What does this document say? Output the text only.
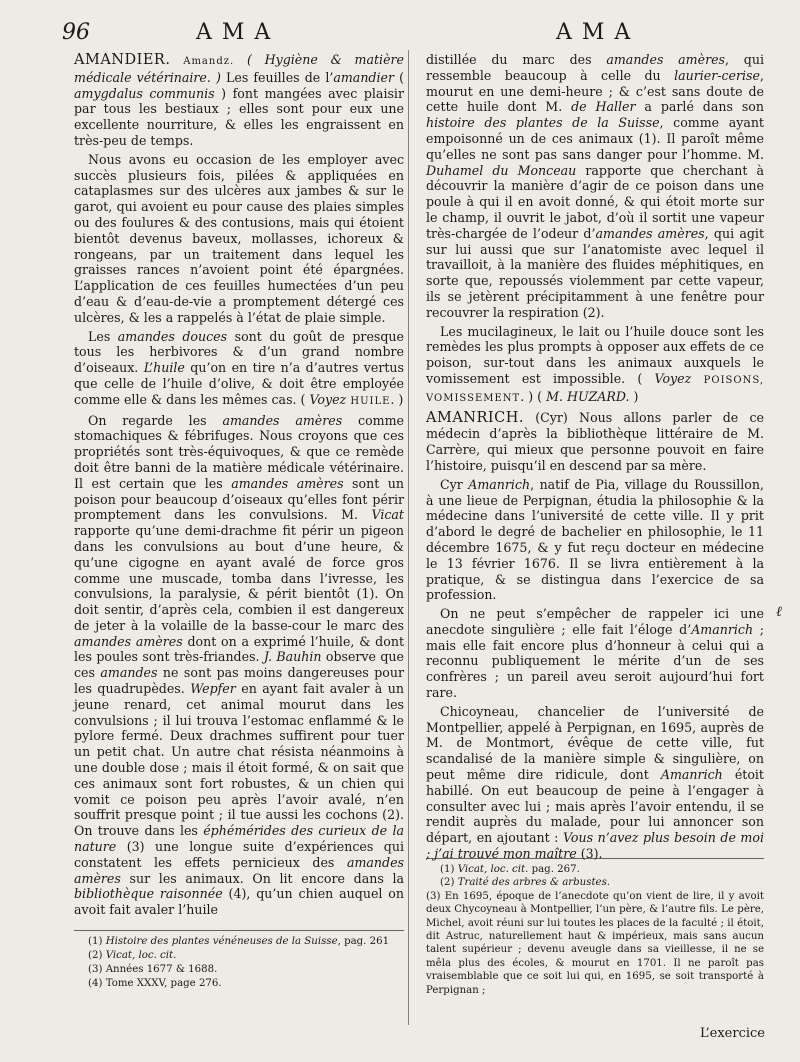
96	AMA	AMA

AMANDIER. Amandz. ( Hygiène & matière médicale vétérinaire. ) Les feuilles de l’amandier ( amygdalus communis ) font mangées avec plaisir par tous les bestiaux ; elles sont pour eux une excellente nourriture, & elles les engraissent en très-peu de temps.

Nous avons eu occasion de les employer avec succès plusieurs fois, pilées & appliquées en cataplasmes sur des ulcères aux jambes & sur le garot, qui avoient eu pour cause des plaies simples ou des foulures & des contusions, mais qui étoient bientôt devenus baveux, mollasses, ichoreux & rongeans, par un traitement dans lequel les graisses rances n’avoient point été épargnées. L’application de ces feuilles humectées d’un peu d’eau & d’eau-de-vie a promptement détergé ces ulcères, & les a rappelés à l’état de plaie simple.

Les amandes douces sont du goût de presque tous les herbivores & d’un grand nombre d’oiseaux. L’huile qu’on en tire n’a d’autres vertus que celle de l’huile d’olive, & doit être employée comme elle & dans les mêmes cas. ( Voyez HUILE. )

On regarde les amandes amères comme stomachiques & fébrifuges. Nous croyons que ces propriétés sont très-équivoques, & que ce remède doit être banni de la matière médicale vétérinaire. Il est certain que les amandes amères sont un poison pour beaucoup d’oiseaux qu’elles font périr promptement dans les convulsions. M. Vicat rapporte qu’une demi-drachme fit périr un pigeon dans les convulsions au bout d’une heure, & qu’une cigogne en ayant avalé de force gros comme une muscade, tomba dans l’ivresse, les convulsions, la paralysie, & périt bientôt (1). On doit sentir, d’après cela, combien il est dangereux de jeter à la volaille de la basse-cour le marc des amandes amères dont on a exprimé l’huile, & dont les poules sont très-friandes. J. Bauhin observe que ces amandes ne sont pas moins dangereuses pour les quadrupèdes. Wepfer en ayant fait avaler à un jeune renard, cet animal mourut dans les convulsions ; il lui trouva l’estomac enflammé & le pylore fermé. Deux drachmes suffirent pour tuer un petit chat. Un autre chat résista néanmoins à une double dose ; mais il étoit formé, & on sait que ces animaux sont fort robustes, & un chien qui vomit ce poison peu après l’avoir avalé, n’en souffrit presque point ; il tue aussi les cochons (2). On trouve dans les éphémérides des curieux de la nature (3) une longue suite d’expériences qui constatent les effets pernicieux des amandes amères sur les animaux. On lit encore dans la bibliothèque raisonnée (4), qu’un chien auquel on avoit fait avaler l’huile

(1) Histoire des plantes vénéneuses de la Suisse, pag. 261

(2) Vicat, loc. cit.

(3) Années 1677 & 1688.

(4) Tome XXXV, page 276.

distillée du marc des amandes amères, qui ressemble beaucoup à celle du laurier-cerise, mourut en une demi-heure ; & c’est sans doute de cette huile dont M. de Haller a parlé dans son histoire des plantes de la Suisse, comme ayant empoisonné un de ces animaux (1). Il paroît même qu’elles ne sont pas sans danger pour l’homme. M. Duhamel du Monceau rapporte que cherchant à découvrir la manière d’agir de ce poison dans une poule à qui il en avoit donné, & qui étoit morte sur le champ, il ouvrit le jabot, d’où il sortit une vapeur très-chargée de l’odeur d’amandes amères, qui agit sur lui aussi que sur l’anatomiste avec lequel il travailloit, à la manière des fluides méphitiques, en sorte que, repoussés violemment par cette vapeur, ils se jetèrent précipitamment à une fenêtre pour recouvrer la respiration (2).

Les mucilagineux, le lait ou l’huile douce sont les remèdes les plus prompts à opposer aux effets de ce poison, sur-tout dans les animaux auxquels le vomissement est impossible. ( Voyez POISONS, VOMISSEMENT. ) ( M. HUZARD. )

AMANRICH. (Cyr) Nous allons parler de ce médecin d’après la bibliothèque littéraire de M. Carrère, qui mieux que personne pouvoit en faire l’histoire, puisqu’il en descend par sa mère.

Cyr Amanrich, natif de Pia, village du Roussillon, à une lieue de Perpignan, étudia la philosophie & la médecine dans l’université de cette ville. Il y prit d’abord le degré de bachelier en philosophie, le 11 décembre 1675, & y fut reçu docteur en médecine le 13 février 1676. Il se livra entièrement à la pratique, & se distingua dans l’exercice de sa profession.

On ne peut s’empêcher de rappeler ici une anecdote singulière ; elle fait l’éloge d’Amanrich ; mais elle fait encore plus d’honneur à celui qui a reconnu publiquement le mérite d’un de ses confrères ; un pareil aveu seroit aujourd’hui fort rare.

Chicoyneau, chancelier de l’université de Montpellier, appelé à Perpignan, en 1695, auprès de M. de Montmort, évêque de cette ville, fut scandalisé de la manière simple & singulière, on peut même dire ridicule, dont Amanrich étoit habillé. On eut beaucoup de peine à l’engager à consulter avec lui ; mais après l’avoir entendu, il se rendit auprès du malade, pour lui annoncer son départ, en ajoutant : Vous n’avez plus besoin de moi ; j’ai trouvé mon maître (3).

(1) Vicat, loc. cit. pag. 267.

(2) Traité des arbres & arbustes.

(3) En 1695, époque de l’anecdote qu’on vient de lire, il y avoit deux Chycoyneau à Montpellier, l’un père, & l’autre fils. Le père, Michel, avoit réuni sur lui toutes les places de la faculté ; il étoit, dit Astruc, naturellement haut & impérieux, mais sans aucun talent supérieur ; devenu aveugle dans sa vieillesse, il ne se mêla plus des écoles, & mourut en 1701. Il ne paroît pas vraisemblable que ce soit lui qui, en 1695, se soit transporté à Perpignan ;

ℓ
L’exercice
